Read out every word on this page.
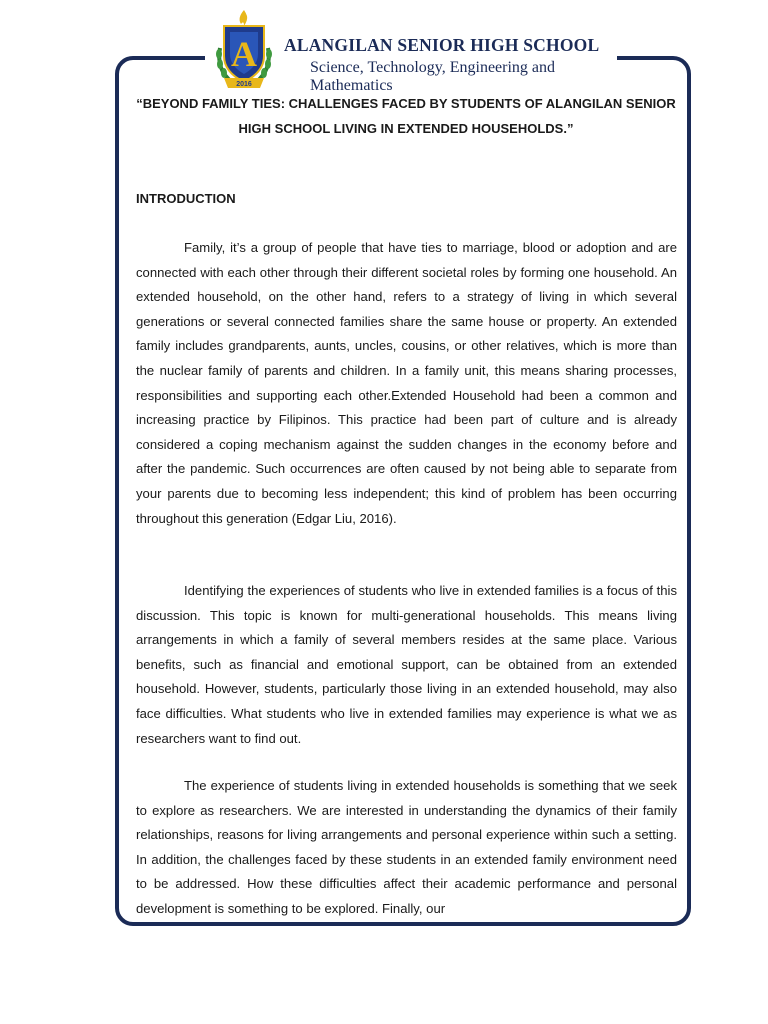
A
2016
ALANGILAN SENIOR HIGH SCHOOL

Science, Technology, Engineering and Mathematics

“BEYOND FAMILY TIES: CHALLENGES FACED BY STUDENTS OF ALANGILAN SENIOR HIGH SCHOOL LIVING IN EXTENDED HOUSEHOLDS.”
INTRODUCTION

Family, it’s a group of people that have ties to marriage, blood or adoption and are connected with each other through their different societal roles by forming one household. An extended household, on the other hand, refers to a strategy of living in which several generations or several connected families share the same house or property. An extended family includes grandparents, aunts, uncles, cousins, or other relatives, which is more than the nuclear family of parents and children. In a family unit, this means sharing processes, responsibilities and supporting each other.Extended Household had been a common and increasing practice by Filipinos. This practice had been part of culture and is already considered a coping mechanism against the sudden changes in the economy before and after the pandemic. Such occurrences are often caused by not being able to separate from your parents due to becoming less independent; this kind of problem has been occurring throughout this generation (Edgar Liu, 2016).

Identifying the experiences of students who live in extended families is a focus of this discussion. This topic is known for multi-generational households. This means living arrangements in which a family of several members resides at the same place. Various benefits, such as financial and emotional support, can be obtained from an extended household. However, students, particularly those living in an extended household, may also face difficulties. What students who live in extended families may experience is what we as researchers want to find out.

The experience of students living in extended households is something that we seek to explore as researchers. We are interested in understanding the dynamics of their family relationships, reasons for living arrangements and personal experience within such a setting. In addition, the challenges faced by these students in an extended family environment need to be addressed. How these difficulties affect their academic performance and personal development is something to be explored. Finally, our
